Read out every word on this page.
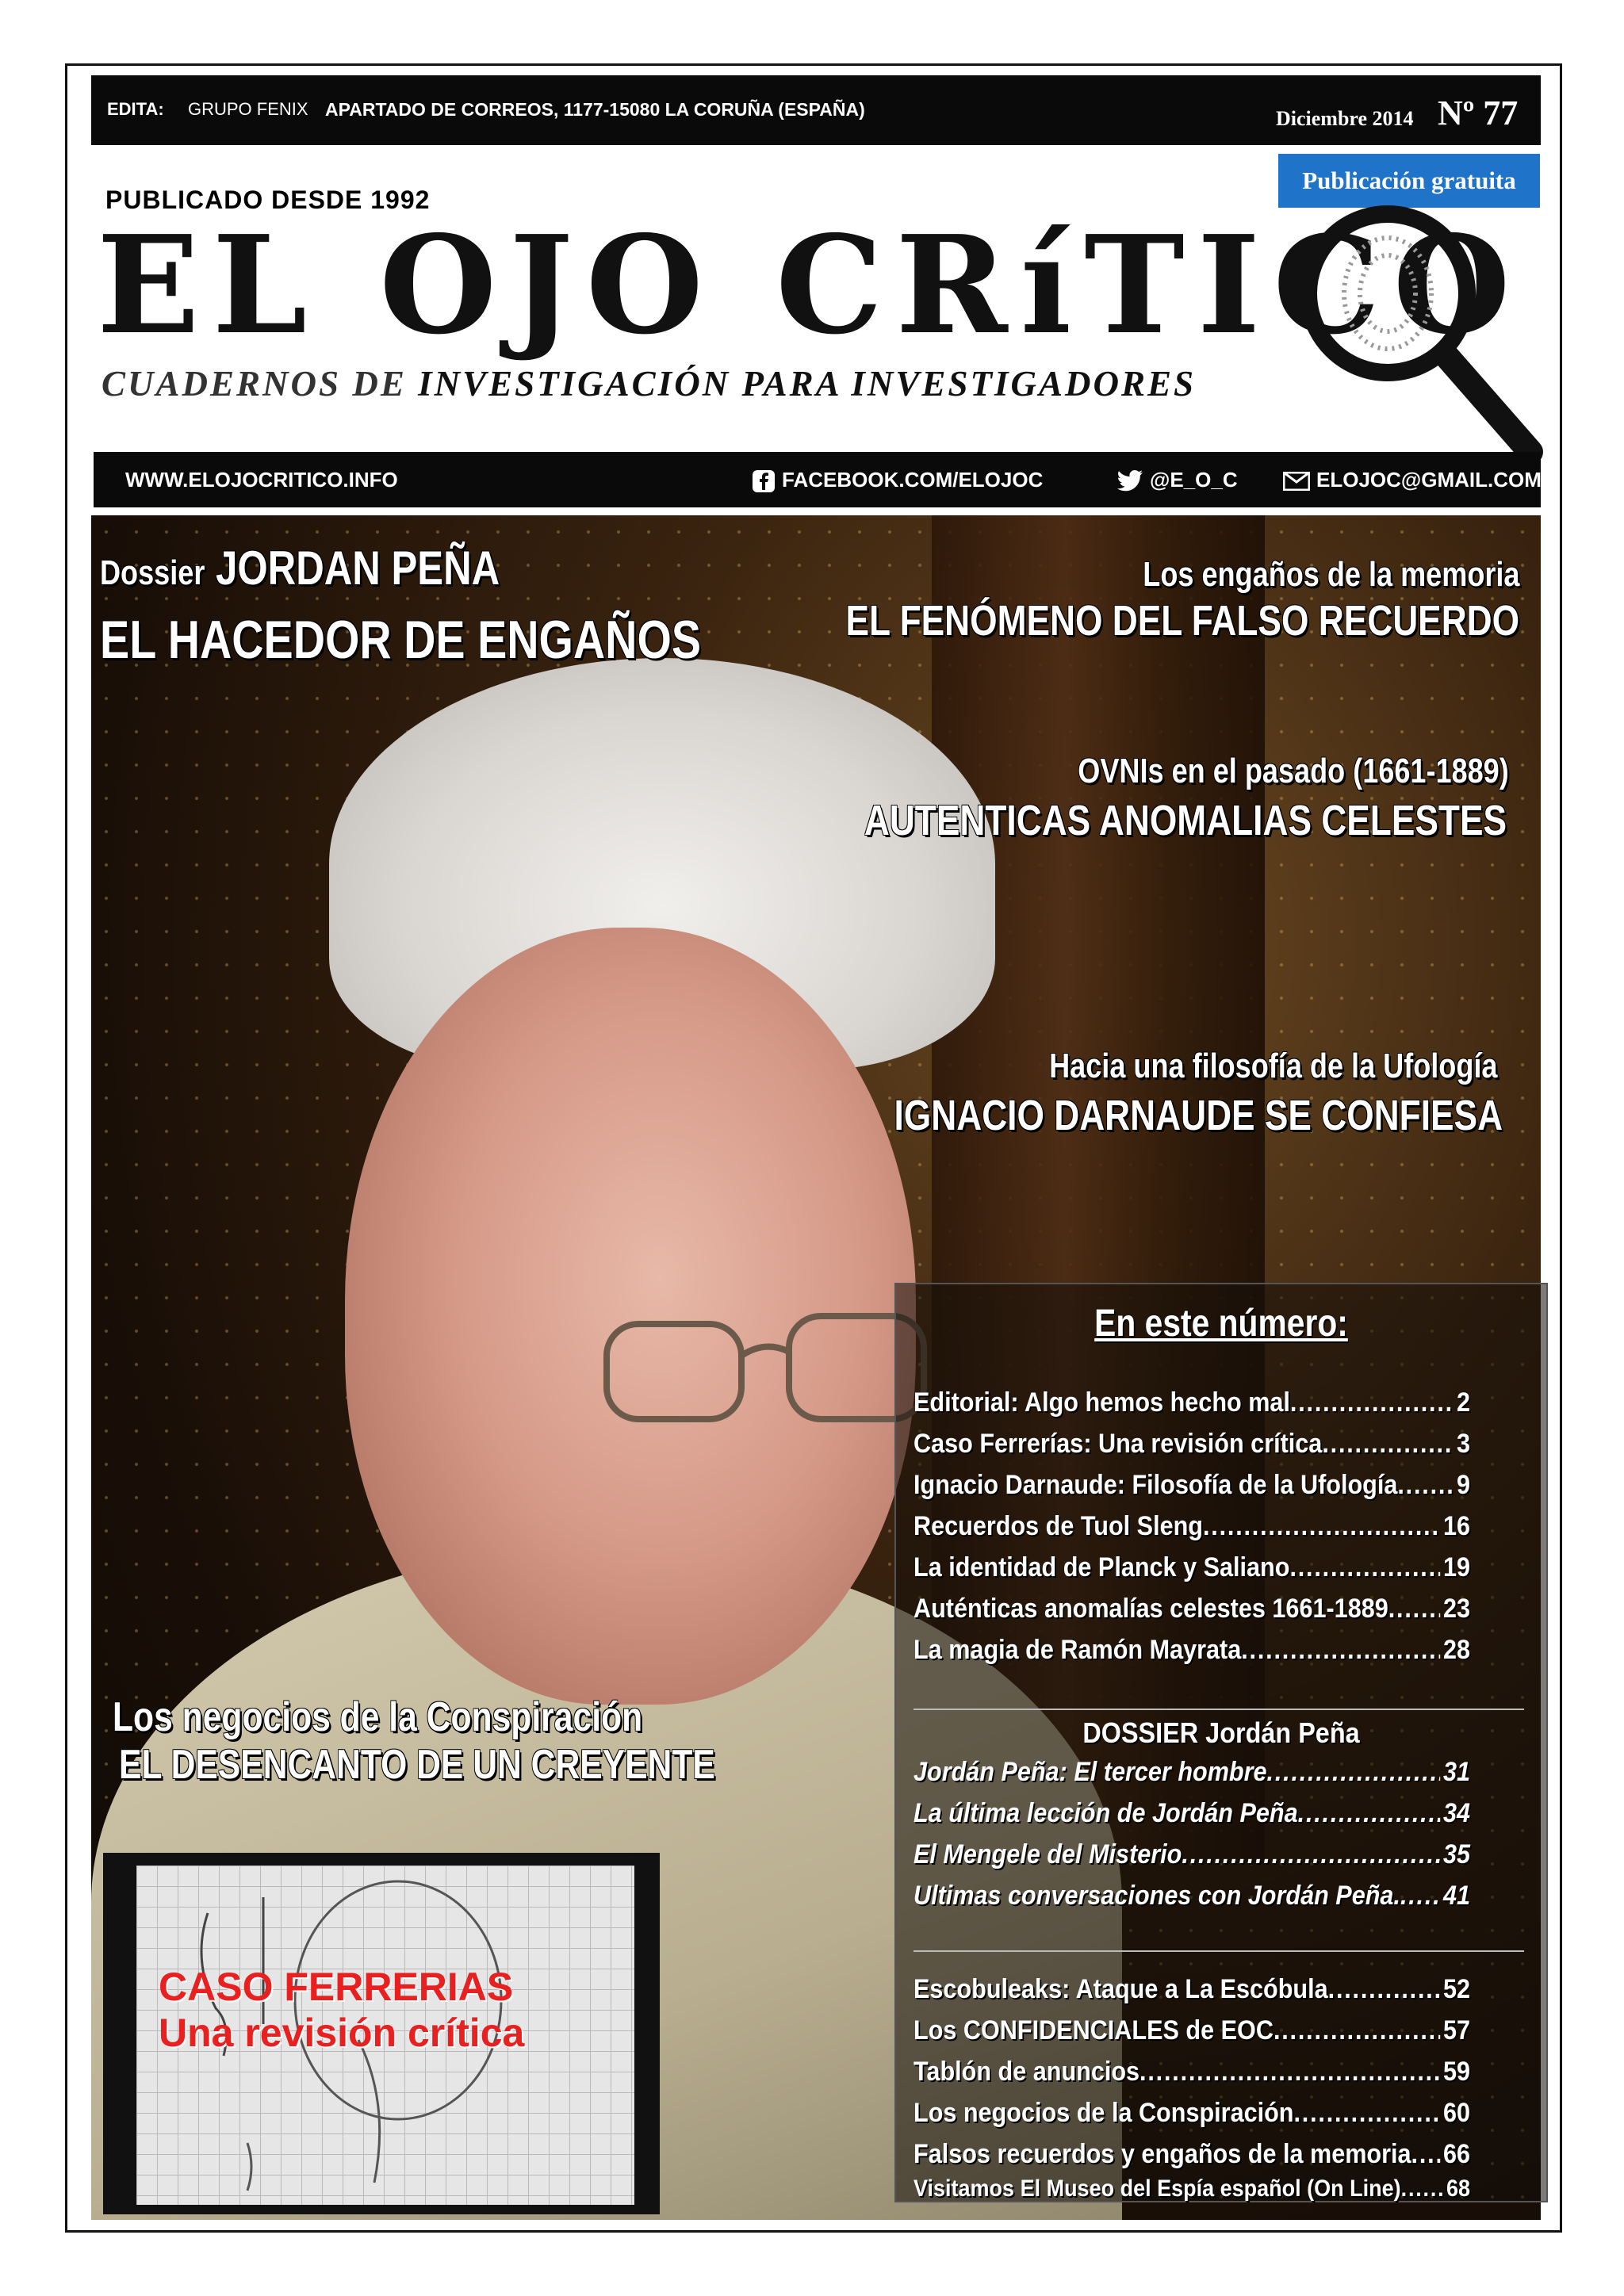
EDITA: GRUPO FENIX APARTADO DE CORREOS, 1177-15080 LA CORUÑA (ESPAÑA)	Diciembre 2014 Nº 77
Publicación gratuita
PUBLICADO DESDE 1992
EL OJO CRíTICO
CUADERNOS DE INVESTIGACIÓN PARA INVESTIGADORES
WWW.ELOJOCRITICO.INFO	FACEBOOK.COM/ELOJOC	@E_O_C	ELOJOC@GMAIL.COM
Dossier JORDAN PEÑA
EL HACEDOR DE ENGAÑOS
Los engaños de la memoria
EL FENÓMENO DEL FALSO RECUERDO
OVNIs en el pasado (1661-1889)
AUTENTICAS ANOMALIAS CELESTES
Hacia una filosofía de la Ufología
IGNACIO DARNAUDE SE CONFIESA
Los negocios de la Conspiración
EL DESENCANTO DE UN CREYENTE
CASO FERRERIAS
Una revisión crítica
En este número:
Editorial: Algo hemos hecho mal .....	2
Caso Ferrerías: Una revisión crítica .....	3
Ignacio Darnaude: Filosofía de la Ufología ..... 9
Recuerdos de Tuol Sleng .....	16
La identidad de Planck y Saliano .....	19
Auténticas anomalías celestes 1661-1889 ..... 23
La magia de Ramón Mayrata .....	28
DOSSIER Jordán Peña
Jordán Peña: El tercer hombre .....	31
La última lección de Jordán Peña .....	34
El Mengele del Misterio .....	35
Ultimas conversaciones con Jordán Peña. ..... 41
Escobuleaks: Ataque a La Escóbula .....	52
Los CONFIDENCIALES de EOC .....	57
Tablón de anuncios .....	59
Los negocios de la Conspiración .....	60
Falsos recuerdos y engaños de la memoria ..... 66
Visitamos El Museo del Espía español (On Line) ..... 68
